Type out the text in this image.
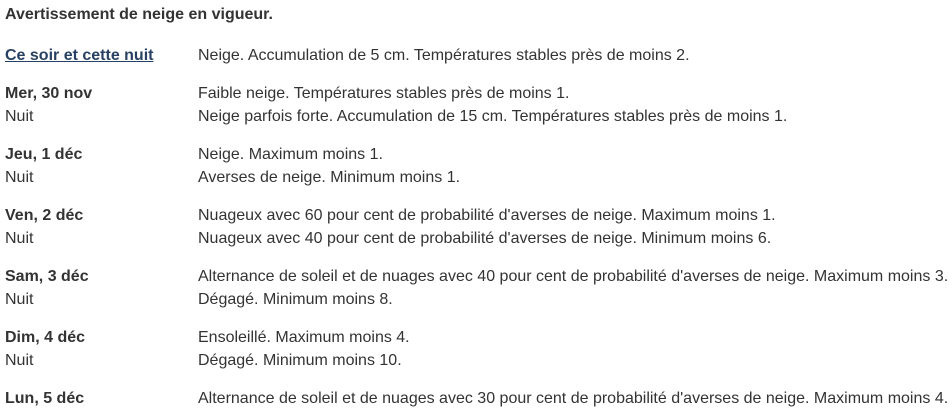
Avertissement de neige en vigueur.
Ce soir et cette nuit	Neige. Accumulation de 5 cm. Températures stables près de moins 2.
Mer, 30 nov	Faible neige. Températures stables près de moins 1.
Nuit	Neige parfois forte. Accumulation de 15 cm. Températures stables près de moins 1.
Jeu, 1 déc	Neige. Maximum moins 1.
Nuit	Averses de neige. Minimum moins 1.
Ven, 2 déc	Nuageux avec 60 pour cent de probabilité d'averses de neige. Maximum moins 1.
Nuit	Nuageux avec 40 pour cent de probabilité d'averses de neige. Minimum moins 6.
Sam, 3 déc	Alternance de soleil et de nuages avec 40 pour cent de probabilité d'averses de neige. Maximum moins 3.
Nuit	Dégagé. Minimum moins 8.
Dim, 4 déc	Ensoleillé. Maximum moins 4.
Nuit	Dégagé. Minimum moins 10.
Lun, 5 déc	Alternance de soleil et de nuages avec 30 pour cent de probabilité d'averses de neige. Maximum moins 4.
